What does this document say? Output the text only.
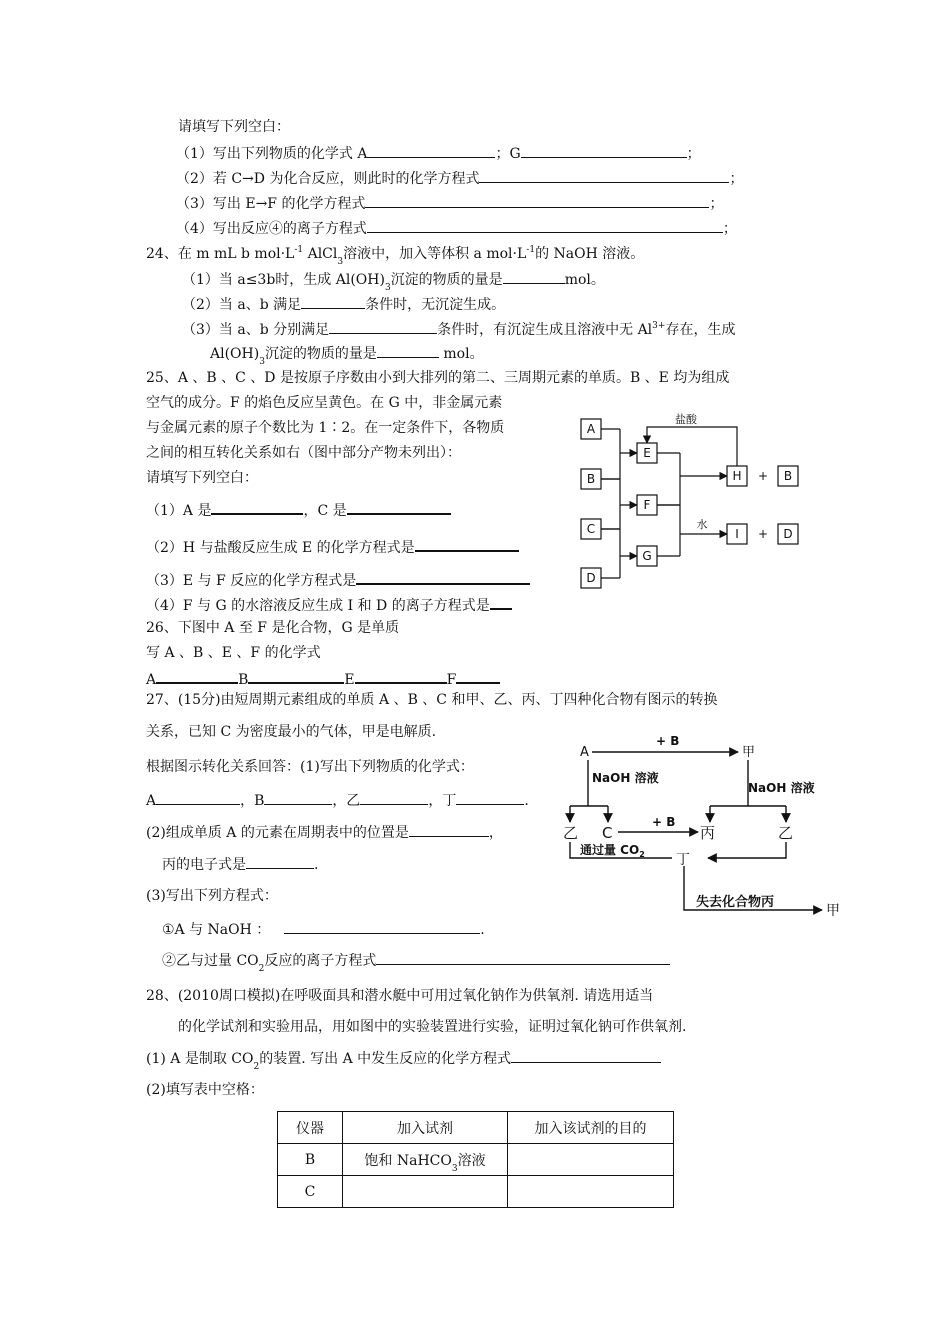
请填写下列空白：
（1）写出下列物质的化学式 A	；G	；
（2）若 C→D 为化合反应，则此时的化学方程式	；
（3）写出 E→F 的化学方程式	；
（4）写出反应④的离子方程式	；
24、在 m mL b $mol\cdot L^{-1}$ AlCl$_3$溶液中，加入等体积 a $mol\cdot L^{-1}$的 NaOH 溶液。
（1）当 a≤3b时，生成 $Al(OH)_3$沉淀的物质的量是	mol。
（2）当 a、b 满足	条件时，无沉淀生成。
（3）当 a、b 分别满足	条件时，有沉淀生成且溶液中无 $Al^{3+}$存在，生成
$Al(OH)_3$沉淀的物质的量是	mol。
25、A 、B 、C 、D 是按原子序数由小到大排列的第二、三周期元素的单质。B 、E 均为组成
空气的成分。F 的焰色反应呈黄色。在 G 中，非金属元素
与金属元素的原子个数比为 1∶2。在一定条件下，各物质
之间的相互转化关系如右（图中部分产物未列出）：
请填写下列空白：
（1）A 是	，C 是
（2）H 与盐酸反应生成 E 的化学方程式是
（3）E 与 F 反应的化学方程式是
（4）F 与 G 的水溶液反应生成 I 和 D 的离子方程式是
A
B
C
D
E
F
G
H
I
+
+
B
D
盐酸
水
26、下图中 A 至 F 是化合物，G 是单质
写 A 、B 、E 、F 的化学式
A	B	E	F
27、(15分)由短周期元素组成的单质 A 、B 、C 和甲、乙、丙、丁四种化合物有图示的转换
关系，已知 C 为密度最小的气体，甲是电解质.
根据图示转化关系回答：(1)写出下列物质的化学式：
A	，B	，乙	，丁	.
(2)组成单质 A 的元素在周期表中的位置是	，
丙的电子式是	.
(3)写出下列方程式：
①A 与 NaOH ：	.
②乙与过量 $CO_2$反应的离子方程式
A	甲
+ B
NaOH 溶液
NaOH 溶液
乙 C
+ B
丙	乙
通过量 $CO_2$ 丁
失去化合物丙
甲
28、(2010周口模拟)在呼吸面具和潜水艇中可用过氧化钠作为供氧剂. 请选用适当
的化学试剂和实验用品，用如图中的实验装置进行实验，证明过氧化钠可作供氧剂.
(1) A 是制取 $CO_2$的装置. 写出 A 中发生反应的化学方程式
(2)填写表中空格：
仪器	加入试剂	加入该试剂的目的
B	饱和 NaHCO$_3$溶液	
C		
